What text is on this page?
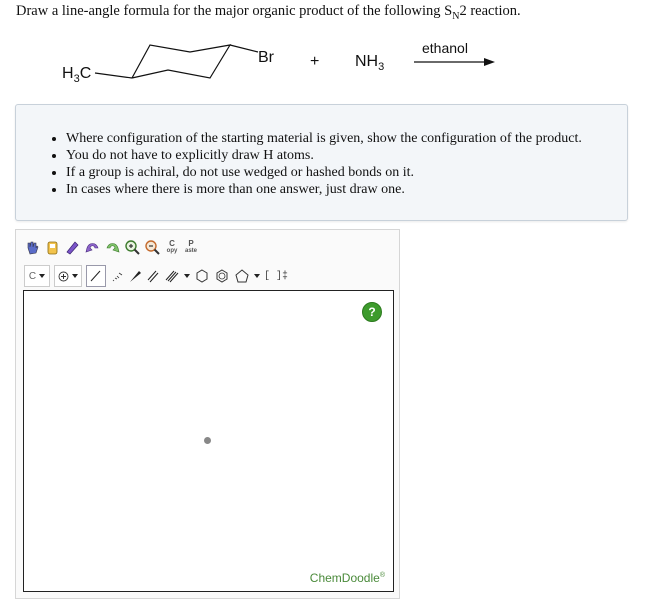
Draw a line-angle formula for the major organic product of the following $S_N2$ reaction.
$H_3C$
$Br + NH_3$
ethanol
• Where configuration of the starting material is given, show the configuration of the product.
• You do not have to explicitly draw H atoms.
• If a group is achiral, do not use wedged or hashed bonds on it.
• In cases where there is more than one answer, just draw one.
C
opy
P
aste
C	[ ]‡
?
ChemDoodle®
